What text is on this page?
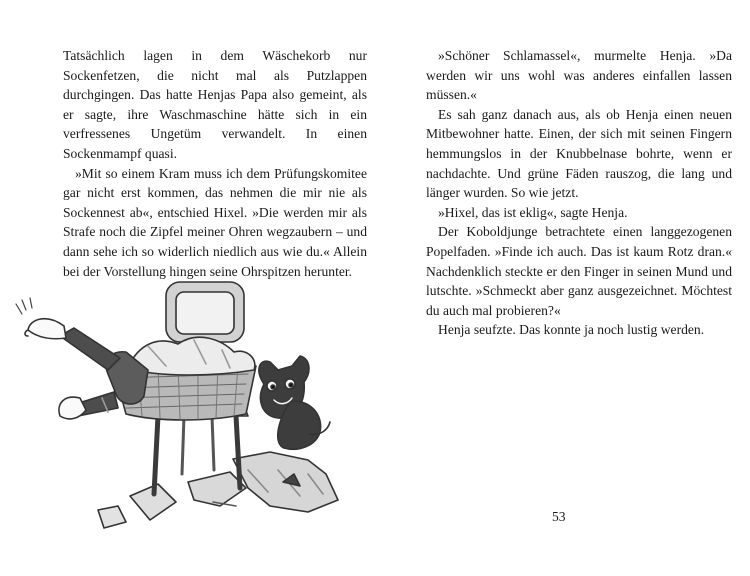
Tatsächlich lagen in dem Wäschekorb nur Sockenfetzen, die nicht mal als Putzlappen durchgingen. Das hatte Henjas Papa also gemeint, als er sagte, ihre Waschmaschine hätte sich in ein verfressenes Ungetüm verwandelt. In einen Sockenmampf quasi.

»Mit so einem Kram muss ich dem Prüfungskomitee gar nicht erst kommen, das nehmen die mir nie als Sockennest ab«, entschied Hixel. »Die werden mir als Strafe noch die Zipfel meiner Ohren wegzaubern – und dann sehe ich so widerlich niedlich aus wie du.« Allein bei der Vorstellung hingen seine Ohrspitzen herunter.

»Schöner Schlamassel«, murmelte Henja. »Da werden wir uns wohl was anderes einfallen lassen müssen.«

Es sah ganz danach aus, als ob Henja einen neuen Mitbewohner hatte. Einen, der sich mit seinen Fingern hemmungslos in der Knubbelnase bohrte, wenn er nachdachte. Und grüne Fäden rauszog, die lang und länger wurden. So wie jetzt.

»Hixel, das ist eklig«, sagte Henja.

Der Koboldjunge betrachtete einen langgezogenen Popelfaden. »Finde ich auch. Das ist kaum Rotz dran.« Nachdenklich steckte er den Finger in seinen Mund und lutschte. »Schmeckt aber ganz ausgezeichnet. Möchtest du auch mal probieren?«

Henja seufzte. Das konnte ja noch lustig werden.

53
